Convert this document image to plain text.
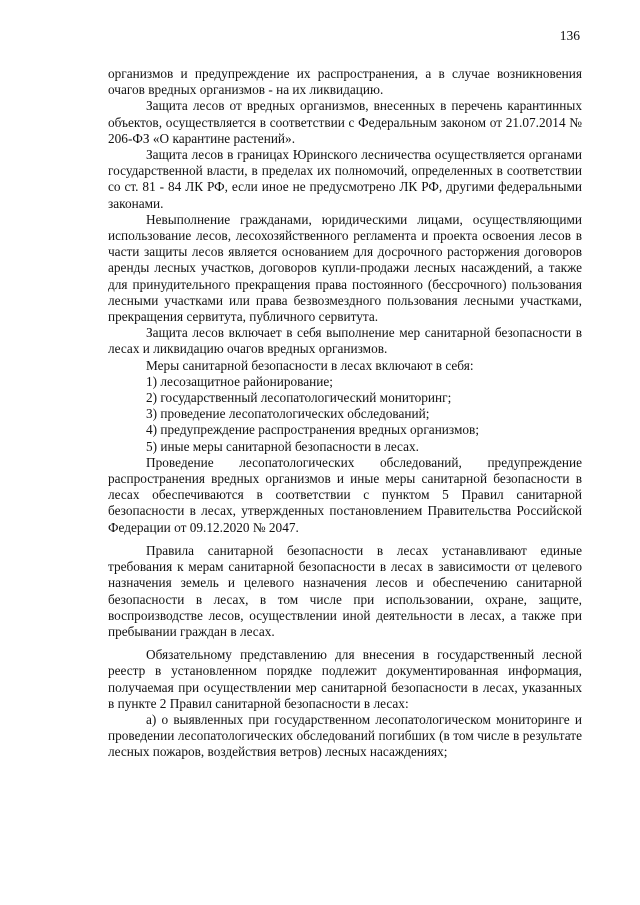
136

организмов и предупреждение их распространения, а в случае возникновения очагов вредных организмов - на их ликвидацию.

Защита лесов от вредных организмов, внесенных в перечень карантинных объектов, осуществляется в соответствии с Федеральным законом от 21.07.2014 № 206-ФЗ «О карантине растений».

Защита лесов в границах Юринского лесничества осуществляется органами государственной власти, в пределах их полномочий, определенных в соответствии со ст. 81 - 84 ЛК РФ, если иное не предусмотрено ЛК РФ, другими федеральными законами.

Невыполнение гражданами, юридическими лицами, осуществляющими использование лесов, лесохозяйственного регламента и проекта освоения лесов в части защиты лесов является основанием для досрочного расторжения договоров аренды лесных участков, договоров купли-продажи лесных насаждений, а также для принудительного прекращения права постоянного (бессрочного) пользования лесными участками или права безвозмездного пользования лесными участками, прекращения сервитута, публичного сервитута.

Защита лесов включает в себя выполнение мер санитарной безопасности в лесах и ликвидацию очагов вредных организмов.

Меры санитарной безопасности в лесах включают в себя:

1) лесозащитное районирование;

2) государственный лесопатологический мониторинг;

3) проведение лесопатологических обследований;

4) предупреждение распространения вредных организмов;

5) иные меры санитарной безопасности в лесах.

Проведение лесопатологических обследований, предупреждение распространения вредных организмов и иные меры санитарной безопасности в лесах обеспечиваются в соответствии с пунктом 5 Правил санитарной безопасности в лесах, утвержденных постановлением Правительства Российской Федерации от 09.12.2020 № 2047.

Правила санитарной безопасности в лесах устанавливают единые требования к мерам санитарной безопасности в лесах в зависимости от целевого назначения земель и целевого назначения лесов и обеспечению санитарной безопасности в лесах, в том числе при использовании, охране, защите, воспроизводстве лесов, осуществлении иной деятельности в лесах, а также при пребывании граждан в лесах.

Обязательному представлению для внесения в государственный лесной реестр в установленном порядке подлежит документированная информация, получаемая при осуществлении мер санитарной безопасности в лесах, указанных в пункте 2 Правил санитарной безопасности в лесах:

а) о выявленных при государственном лесопатологическом мониторинге и проведении лесопатологических обследований погибших (в том числе в результате лесных пожаров, воздействия ветров) лесных насаждениях;
